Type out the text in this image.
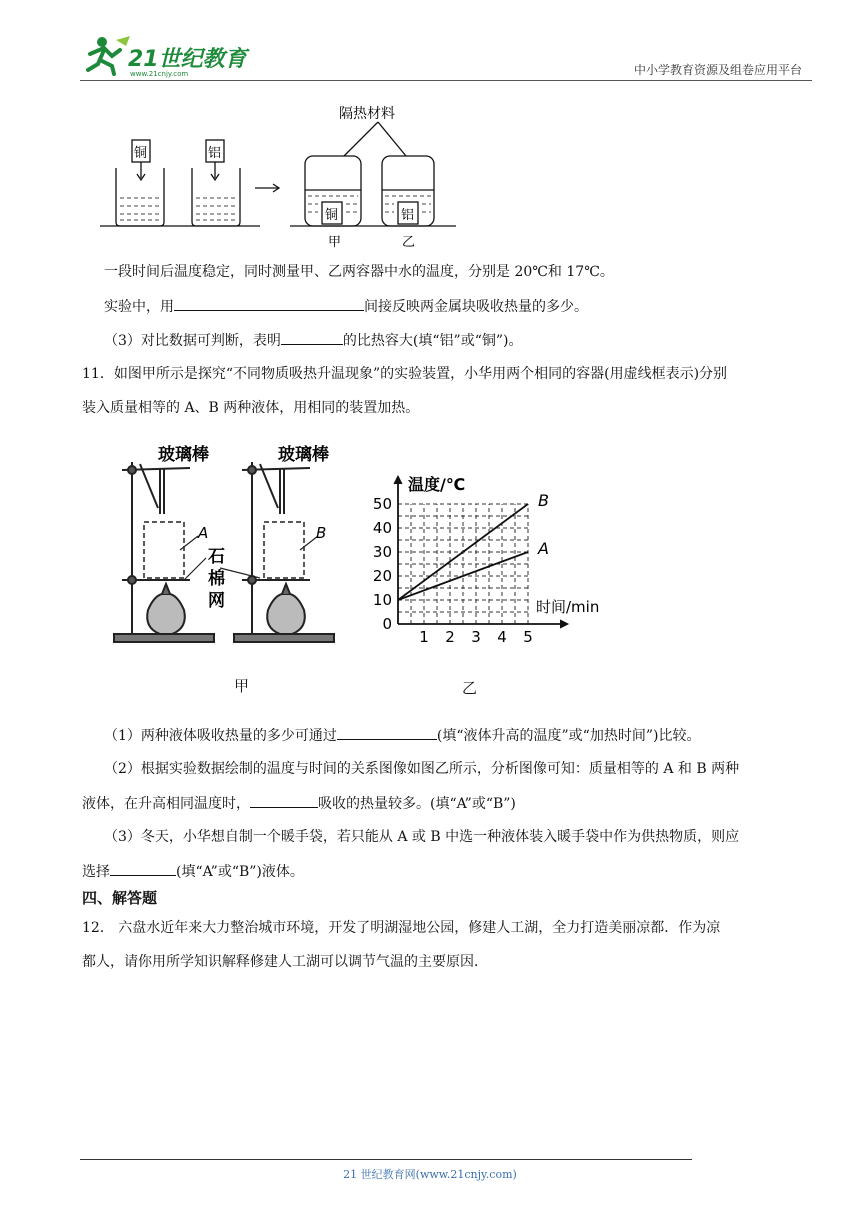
21世纪教育
www.21cnjy.com	中小学教育资源及组卷应用平台
隔热材料
铜	铝
铜	铝
甲	乙
一段时间后温度稳定，同时测量甲、乙两容器中水的温度，分别是 20℃和 17℃。
实验中，用	间接反映两金属块吸收热量的多少。
（3）对比数据可判断，表明	的比热容大(填“铝”或“铜”)。
11．如图甲所示是探究“不同物质吸热升温现象”的实验装置，小华用两个相同的容器(用虚线框表示)分别
装入质量相等的 A、B 两种液体，用相同的装置加热。
玻璃棒	玻璃棒
A	B
石
棉
网
甲
0
10
20
30
40
50
1 2 3 4 5
温度/℃
时间/min
A
B
乙
（1）两种液体吸收热量的多少可通过	(填“液体升高的温度”或“加热时间”)比较。
（2）根据实验数据绘制的温度与时间的关系图像如图乙所示，分析图像可知：质量相等的 A 和 B 两种
液体，在升高相同温度时，	吸收的热量较多。(填“A”或“B”)
（3）冬天，小华想自制一个暖手袋，若只能从 A 或 B 中选一种液体装入暖手袋中作为供热物质，则应
选择	(填“A”或“B”)液体。
四、解答题
12． 六盘水近年来大力整治城市环境，开发了明湖湿地公园，修建人工湖，全力打造美丽凉都．作为凉
都人，请你用所学知识解释修建人工湖可以调节气温的主要原因．
21 世纪教育网(www.21cnjy.com)
